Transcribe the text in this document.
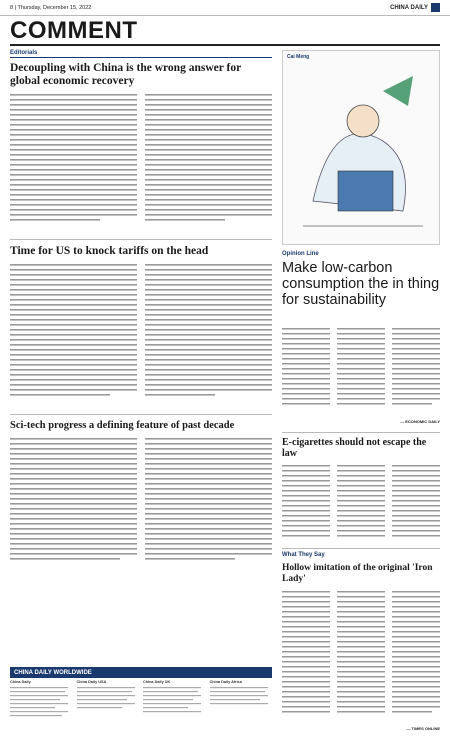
8 | Thursday, December 15, 2022	CHINA DAILY
COMMENT
Editorials
Decoupling with China is the wrong answer for global economic recovery
Time for US to knock tariffs on the head
Sci-tech progress a defining feature of past decade
CHINA DAILY WORLDWIDE
China Daily	China Daily USA	China Daily UK	China Daily Africa
Cai Meng
Opinion Line
Make low-carbon consumption the in thing for sustainability
— ECONOMIC DAILY
E-cigarettes should not escape the law
What They Say
Hollow imitation of the original 'Iron Lady'
— TIMES ONLINE
